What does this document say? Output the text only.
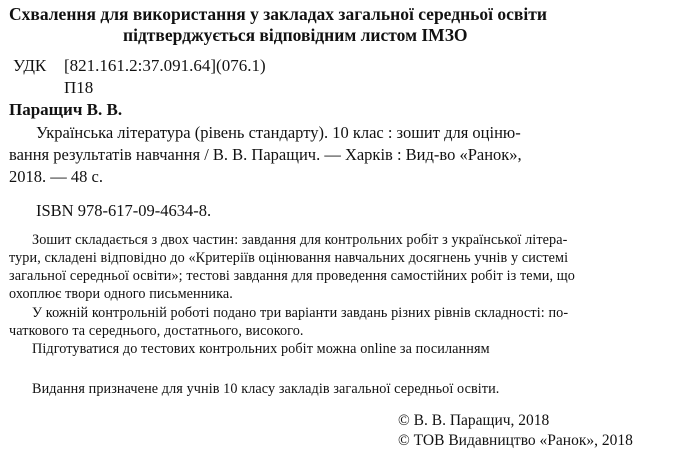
Схвалення для використання у закладах загальної середньої освіти
підтверджується відповідним листом ІМЗО
УДК [821.161.2:37.091.64](076.1)
П18
Паращич В. В.
Українська література (рівень стандарту). 10 клас : зошит для оціню-
вання результатів навчання / В. В. Паращич. — Харків : Вид-во «Ранок»,
2018. — 48 с.
ISBN 978-617-09-4634-8.
Зошит складається з двох частин: завдання для контрольних робіт з української літера-
тури, складені відповідно до «Критеріїв оцінювання навчальних досягнень учнів у системі
загальної середньої освіти»; тестові завдання для проведення самостійних робіт із теми, що
охоплює твори одного письменника.
У кожній контрольній роботі подано три варіанти завдань різних рівнів складності: по-
чаткового та середнього, достатнього, високого.
Підготуватися до тестових контрольних робіт можна online за посиланням
Видання призначене для учнів 10 класу закладів загальної середньої освіти.
© В. В. Паращич, 2018
© ТОВ Видавництво «Ранок», 2018
